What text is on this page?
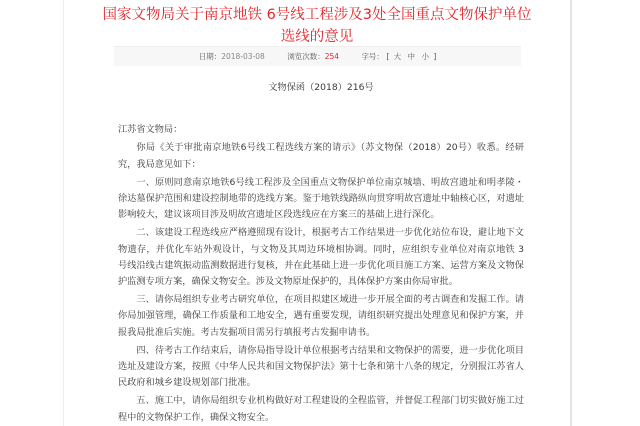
国家文物局关于南京地铁 6号线工程涉及3处全国重点文物保护单位
选线的意见
日期：2018-03-08	浏览次数：254	字号： [ 大 中 小 ]

文物保函（2018）216号

江苏省文物局：

你局《关于审批南京地铁6号线工程选线方案的请示》（苏文物保（2018）20号）收悉。经研究，我局意见如下：

一、原则同意南京地铁6号线工程涉及全国重点文物保护单位南京城墙、明故宫遗址和明孝陵・徐达墓保护范围和建设控制地带的选线方案。鉴于地铁线路纵向贯穿明故宫遗址中轴核心区，对遗址影响较大，建议该项目涉及明故宫遗址区段选线应在方案三的基础上进行深化。

二、该建设工程选线应严格遵照现有设计，根据考古工作结果进一步优化站位布设，避让地下文物遗存，并优化车站外观设计，与文物及其周边环境相协调。同时，应组织专业单位对南京地铁 3 号线沿线古建筑振动监测数据进行复核，并在此基础上进一步优化项目施工方案、运营方案及文物保护监测专项方案，确保文物安全。涉及文物原址保护的，具体保护方案由你局审批。

三、请你局组织专业考古研究单位，在项目拟建区域进一步开展全面的考古调查和发掘工作。请你局加强管理，确保工作质量和工地安全，遇有重要发现，请组织研究提出处理意见和保护方案，并报我局批准后实施。考古发掘项目需另行填报考古发掘申请书。

四、待考古工作结束后，请你局指导设计单位根据考古结果和文物保护的需要，进一步优化项目选址及建设方案，按照《中华人民共和国文物保护法》第十七条和第十八条的规定，分别报江苏省人民政府和城乡建设规划部门批准。

五、施工中，请你局组织专业机构做好对工程建设的全程监管，并督促工程部门切实做好施工过程中的文物保护工作，确保文物安全。
